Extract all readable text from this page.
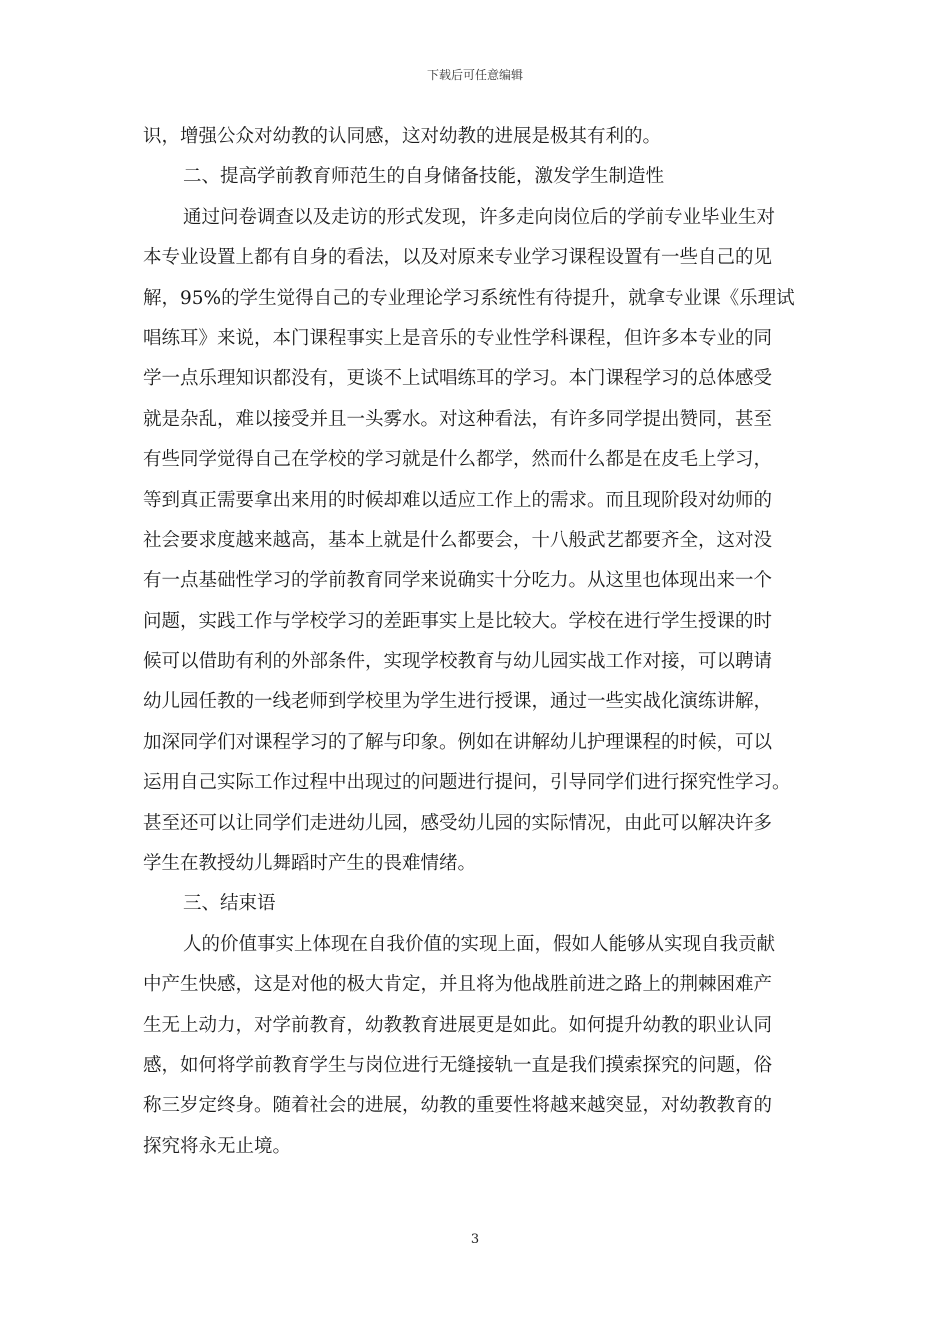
下载后可任意编辑
识，增强公众对幼教的认同感，这对幼教的进展是极其有利的。
二、提高学前教育师范生的自身储备技能，激发学生制造性
通过问卷调查以及走访的形式发现，许多走向岗位后的学前专业毕业生对
本专业设置上都有自身的看法，以及对原来专业学习课程设置有一些自己的见
解，95%的学生觉得自己的专业理论学习系统性有待提升，就拿专业课《乐理试
唱练耳》来说，本门课程事实上是音乐的专业性学科课程，但许多本专业的同
学一点乐理知识都没有，更谈不上试唱练耳的学习。本门课程学习的总体感受
就是杂乱，难以接受并且一头雾水。对这种看法，有许多同学提出赞同，甚至
有些同学觉得自己在学校的学习就是什么都学，然而什么都是在皮毛上学习，
等到真正需要拿出来用的时候却难以适应工作上的需求。而且现阶段对幼师的
社会要求度越来越高，基本上就是什么都要会，十八般武艺都要齐全，这对没
有一点基础性学习的学前教育同学来说确实十分吃力。从这里也体现出来一个
问题，实践工作与学校学习的差距事实上是比较大。学校在进行学生授课的时
候可以借助有利的外部条件，实现学校教育与幼儿园实战工作对接，可以聘请
幼儿园任教的一线老师到学校里为学生进行授课，通过一些实战化演练讲解，
加深同学们对课程学习的了解与印象。例如在讲解幼儿护理课程的时候，可以
运用自己实际工作过程中出现过的问题进行提问，引导同学们进行探究性学习。
甚至还可以让同学们走进幼儿园，感受幼儿园的实际情况，由此可以解决许多
学生在教授幼儿舞蹈时产生的畏难情绪。
三、结束语
人的价值事实上体现在自我价值的实现上面，假如人能够从实现自我贡献
中产生快感，这是对他的极大肯定，并且将为他战胜前进之路上的荆棘困难产
生无上动力，对学前教育，幼教教育进展更是如此。如何提升幼教的职业认同
感，如何将学前教育学生与岗位进行无缝接轨一直是我们摸索探究的问题，俗
称三岁定终身。随着社会的进展，幼教的重要性将越来越突显，对幼教教育的
探究将永无止境。
3
